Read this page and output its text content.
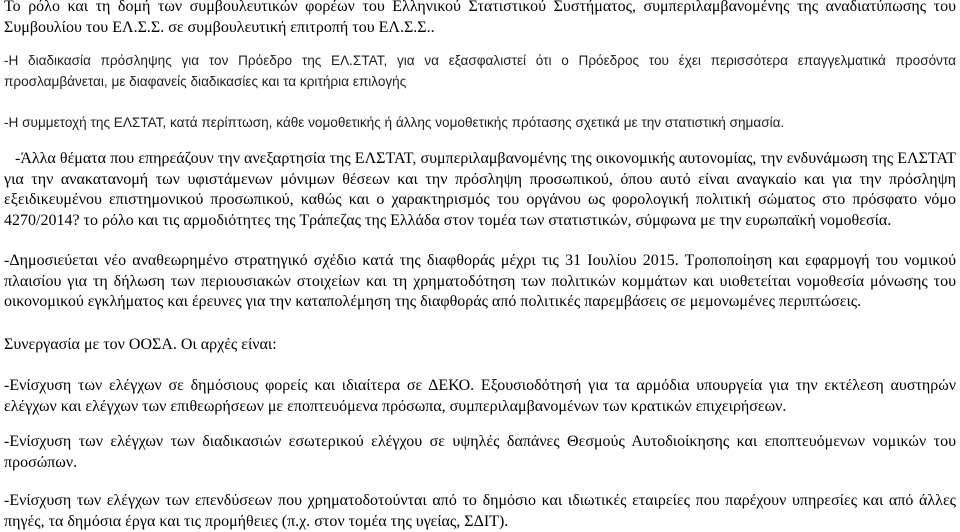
Το ρόλο και τη δομή των συμβουλευτικών φορέων του Ελληνικού Στατιστικού Συστήματος, συμπεριλαμβανομένης της αναδιατύπωσης του Συμβουλίου του ΕΛ.Σ.Σ. σε συμβουλευτική επιτροπή του ΕΛ.Σ.Σ..

-Η διαδικασία πρόσληψης για τον Πρόεδρο της ΕΛ.ΣΤΑΤ, για να εξασφαλιστεί ότι ο Πρόεδρος του έχει περισσότερα επαγγελματικά προσόντα προσλαμβάνεται, με διαφανείς διαδικασίες και τα κριτήρια επιλογής

-Η συμμετοχή της ΕΛΣΤΑΤ, κατά περίπτωση, κάθε νομοθετικής ή άλλης νομοθετικής πρότασης σχετικά με την στατιστική σημασία.

-Άλλα θέματα που επηρεάζουν την ανεξαρτησία της ΕΛΣΤΑΤ, συμπεριλαμβανομένης της οικονομικής αυτονομίας, την ενδυνάμωση της ΕΛΣΤΑΤ για την ανακατανομή των υφιστάμενων μόνιμων θέσεων και την πρόσληψη προσωπικού, όπου αυτό είναι αναγκαίο και για την πρόσληψη εξειδικευμένου επιστημονικού προσωπικού, καθώς και ο χαρακτηρισμός του οργάνου ως φορολογική πολιτική σώματος στο πρόσφατο νόμο 4270/2014? το ρόλο και τις αρμοδιότητες της Τράπεζας της Ελλάδα στον τομέα των στατιστικών, σύμφωνα με την ευρωπαϊκή νομοθεσία.

-Δημοσιεύεται νέο αναθεωρημένο στρατηγικό σχέδιο κατά της διαφθοράς μέχρι τις 31 Ιουλίου 2015. Τροποποίηση και εφαρμογή του νομικού πλαισίου για τη δήλωση των περιουσιακών στοιχείων και τη χρηματοδότηση των πολιτικών κομμάτων και υιοθετείται νομοθεσία μόνωσης του οικονομικού εγκλήματος και έρευνες για την καταπολέμηση της διαφθοράς από πολιτικές παρεμβάσεις σε μεμονωμένες περιπτώσεις.

Συνεργασία με τον ΟΟΣΑ. Οι αρχές είναι:

-Ενίσχυση των ελέγχων σε δημόσιους φορείς και ιδιαίτερα σε ΔΕΚΟ. Εξουσιοδότησή για τα αρμόδια υπουργεία για την εκτέλεση αυστηρών ελέγχων και ελέγχων των επιθεωρήσεων με εποπτευόμενα πρόσωπα, συμπεριλαμβανομένων των κρατικών επιχειρήσεων.

-Ενίσχυση των ελέγχων των διαδικασιών εσωτερικού ελέγχου σε υψηλές δαπάνες Θεσμούς Αυτοδιοίκησης και εποπτευόμενων νομικών του προσώπων.

-Ενίσχυση των ελέγχων των επενδύσεων που χρηματοδοτούνται από το δημόσιο και ιδιωτικές εταιρείες που παρέχουν υπηρεσίες και από άλλες πηγές, τα δημόσια έργα και τις προμήθειες (π.χ. στον τομέα της υγείας, ΣΔΙΤ).
